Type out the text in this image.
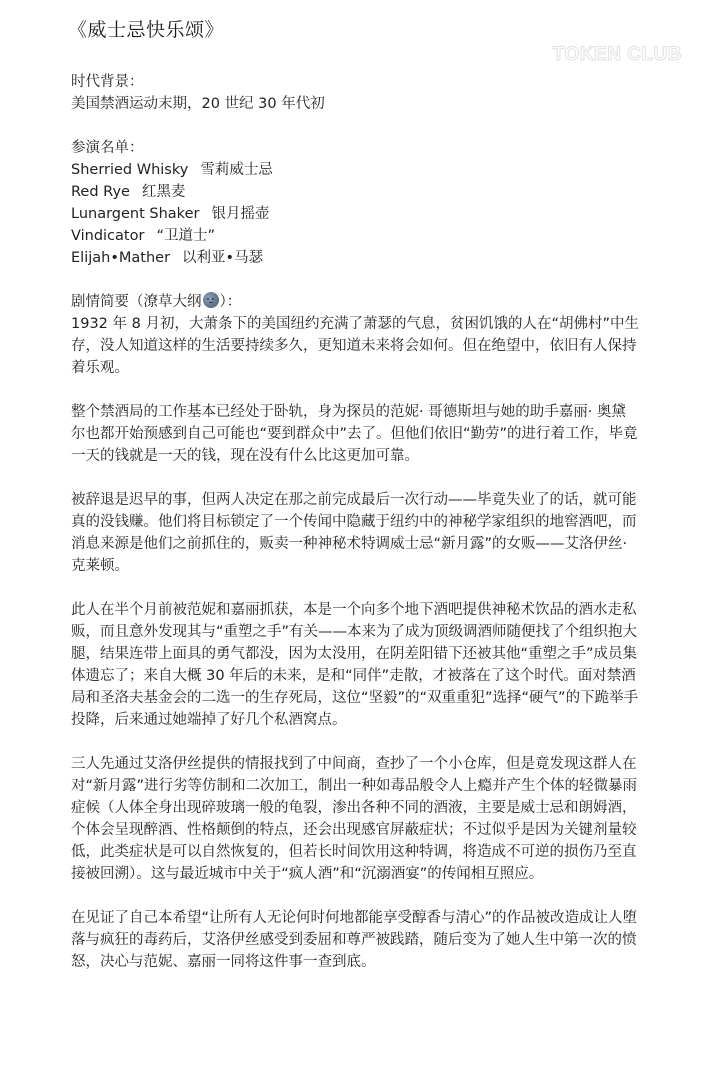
《威士忌快乐颂》
TOKEN CLUB
时代背景：
美国禁酒运动末期，20 世纪 30 年代初
参演名单：
Sherried Whisky 雪莉威士忌
Red Rye 红黑麦
Lunargent Shaker 银月摇壶
Vindicator “卫道士”
Elijah•Mather 以利亚•马瑟
剧情简要（潦草大纲 ）：
1932 年 8 月初，大萧条下的美国纽约充满了萧瑟的气息，贫困饥饿的人在“胡佛村”中生
存，没人知道这样的生活要持续多久，更知道未来将会如何。但在绝望中，依旧有人保持
着乐观。
整个禁酒局的工作基本已经处于卧轨，身为探员的范妮· 哥德斯坦与她的助手嘉丽· 奥黛
尔也都开始预感到自己可能也“要到群众中”去了。但他们依旧“勤劳”的进行着工作，毕竟
一天的钱就是一天的钱，现在没有什么比这更加可靠。
被辞退是迟早的事，但两人决定在那之前完成最后一次行动——毕竟失业了的话，就可能
真的没钱赚。他们将目标锁定了一个传闻中隐藏于纽约中的神秘学家组织的地窖酒吧，而
消息来源是他们之前抓住的，贩卖一种神秘术特调威士忌“新月露”的女贩——艾洛伊丝·
克莱顿。
此人在半个月前被范妮和嘉丽抓获，本是一个向多个地下酒吧提供神秘术饮品的酒水走私
贩，而且意外发现其与“重塑之手”有关——本来为了成为顶级调酒师随便找了个组织抱大
腿，结果连带上面具的勇气都没，因为太没用，在阴差阳错下还被其他“重塑之手”成员集
体遗忘了；来自大概 30 年后的未来，是和“同伴”走散，才被落在了这个时代。面对禁酒
局和圣洛夫基金会的二选一的生存死局，这位“坚毅”的“双重重犯”选择“硬气”的下跪举手
投降，后来通过她端掉了好几个私酒窝点。
三人先通过艾洛伊丝提供的情报找到了中间商，查抄了一个小仓库，但是竟发现这群人在
对“新月露”进行劣等仿制和二次加工，制出一种如毒品般令人上瘾并产生个体的轻微暴雨
症候（人体全身出现碎玻璃一般的龟裂，渗出各种不同的酒液，主要是威士忌和朗姆酒，
个体会呈现醉酒、性格颠倒的特点，还会出现感官屏蔽症状；不过似乎是因为关键剂量较
低，此类症状是可以自然恢复的，但若长时间饮用这种特调，将造成不可逆的损伤乃至直
接被回溯）。这与最近城市中关于“疯人酒”和“沉溺酒宴”的传闻相互照应。
在见证了自己本希望“让所有人无论何时何地都能享受醇香与清心”的作品被改造成让人堕
落与疯狂的毒药后，艾洛伊丝感受到委屈和尊严被践踏，随后变为了她人生中第一次的愤
怒，决心与范妮、嘉丽一同将这件事一查到底。
